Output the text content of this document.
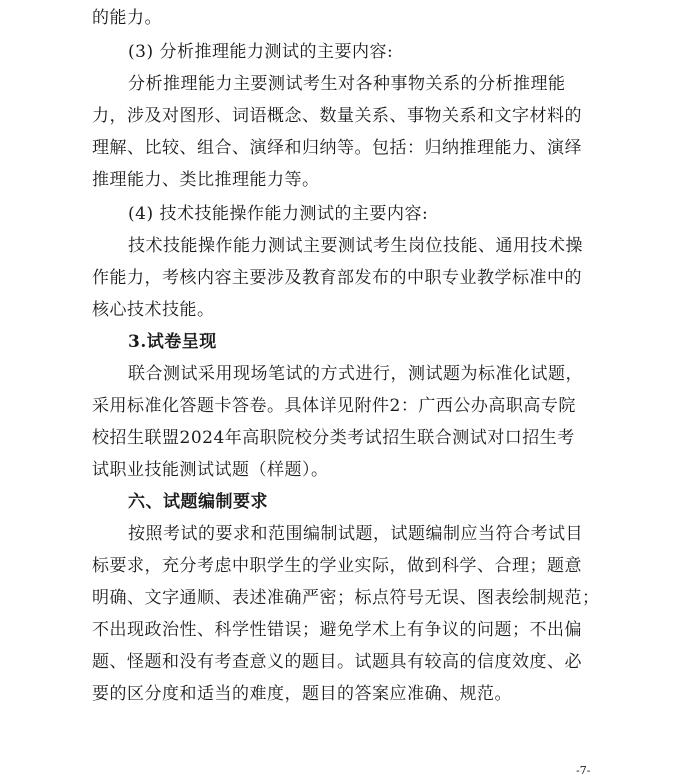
的能力。
(3) 分析推理能力测试的主要内容:
分析推理能力主要测试考生对各种事物关系的分析推理能
力，涉及对图形、词语概念、数量关系、事物关系和文字材料的
理解、比较、组合、演绎和归纳等。包括：归纳推理能力、演绎
推理能力、类比推理能力等。
(4) 技术技能操作能力测试的主要内容:
技术技能操作能力测试主要测试考生岗位技能、通用技术操
作能力，考核内容主要涉及教育部发布的中职专业教学标准中的
核心技术技能。
3.试卷呈现
联合测试采用现场笔试的方式进行，测试题为标准化试题，
采用标准化答题卡答卷。具体详见附件2：广西公办高职高专院
校招生联盟2024年高职院校分类考试招生联合测试对口招生考
试职业技能测试试题（样题）。
六、试题编制要求
按照考试的要求和范围编制试题，试题编制应当符合考试目
标要求，充分考虑中职学生的学业实际，做到科学、合理；题意
明确、文字通顺、表述准确严密；标点符号无误、图表绘制规范；
不出现政治性、科学性错误；避免学术上有争议的问题；不出偏
题、怪题和没有考查意义的题目。试题具有较高的信度效度、必
要的区分度和适当的难度，题目的答案应准确、规范。
-7-
